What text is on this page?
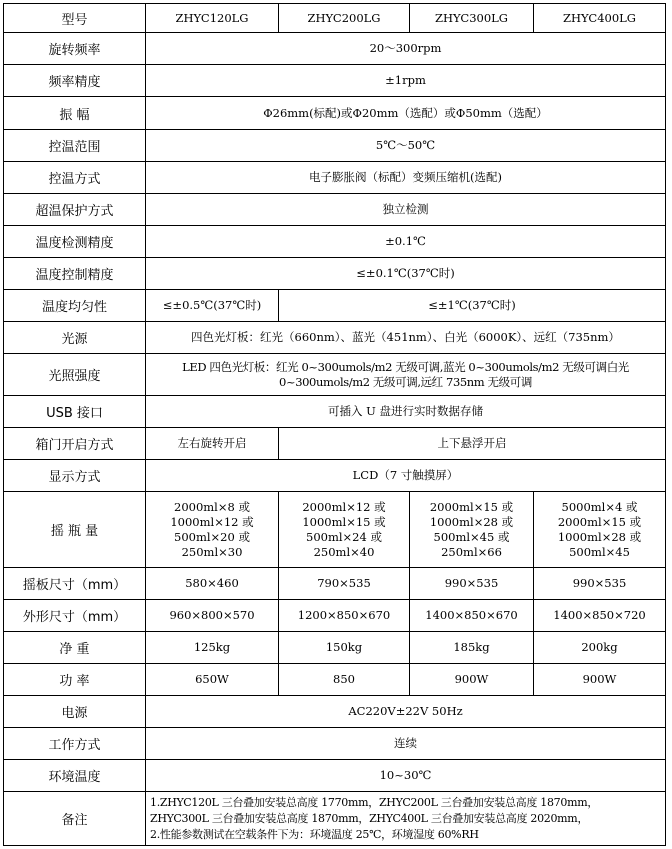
型号	ZHYC120LG	ZHYC200LG	ZHYC300LG	ZHYC400LG
旋转频率	20～300rpm			
频率精度	±1rpm			
振 幅	Φ26mm(标配)或Φ20mm（选配）或Φ50mm（选配）			
控温范围	5℃～50℃			
控温方式	电子膨胀阀（标配）变频压缩机(选配)			
超温保护方式	独立检测			
温度检测精度	±0.1℃			
温度控制精度	≤±0.1℃(37℃时)			
温度均匀性	≤±0.5℃(37℃时)	≤±1℃(37℃时)		
光源	四色光灯板：红光（660nm）、蓝光（451nm）、白光（6000K）、远红（735nm）			
光照强度	LED 四色光灯板：红光 0~300umols/m2 无级可调,蓝光 0~300umols/m2 无级可调白光
0~300umols/m2 无级可调,远红 735nm 无级可调			

USB 接口	可插入 U 盘进行实时数据存储			
箱门开启方式	左右旋转开启	上下悬浮开启		
显示方式	LCD（7 寸触摸屏）			
摇 瓶 量	2000ml×8 或
1000ml×12 或
500ml×20 或
250ml×30	2000ml×12 或
1000ml×15 或
500ml×24 或
250ml×40	2000ml×15 或
1000ml×28 或
500ml×45 或
250ml×66	5000ml×4 或
2000ml×15 或
1000ml×28 或
500ml×45

摇板尺寸（mm）	580×460	790×535	990×535	990×535
外形尺寸（mm）	960×800×570	1200×850×670	1400×850×670	1400×850×720
净 重	125kg	150kg	185kg	200kg
功 率	650W	850	900W	900W
电源	AC220V±22V 50Hz			
工作方式	连续			
环境温度	10~30℃			
备注	1.ZHYC120L 三台叠加安装总高度 1770mm，ZHYC200L 三台叠加安装总高度 1870mm，
ZHYC300L 三台叠加安装总高度 1870mm，ZHYC400L 三台叠加安装总高度 2020mm，
2.性能参数测试在空载条件下为：环境温度 25℃，环境湿度 60%RH			
